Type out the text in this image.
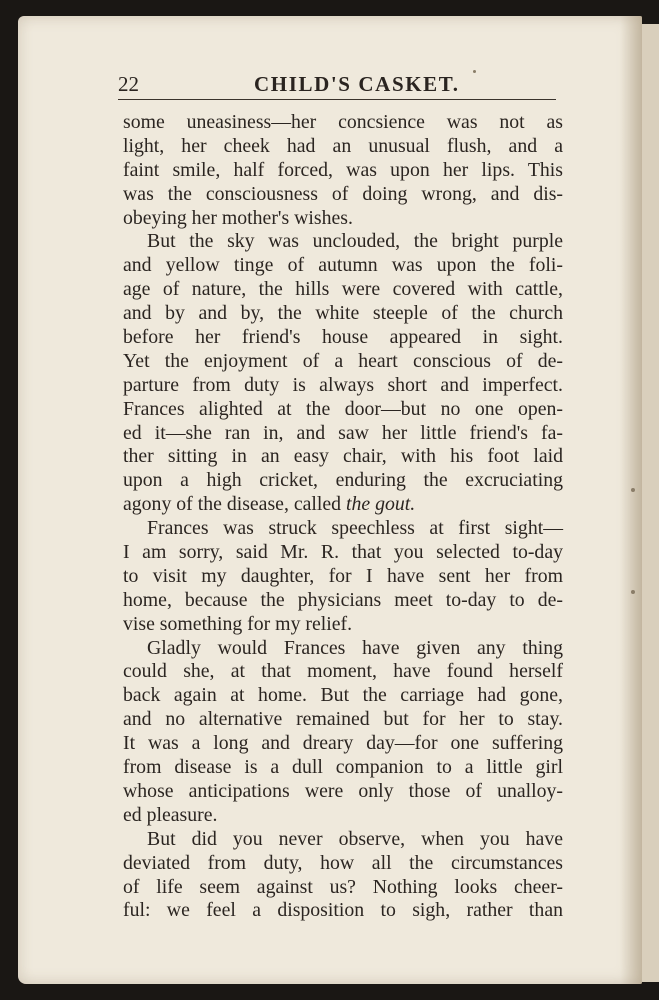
22	CHILD'S CASKET.
some uneasiness—her concsience was not as
light, her cheek had an unusual flush, and a
faint smile, half forced, was upon her lips. This
was the consciousness of doing wrong, and dis-
obeying her mother's wishes.
But the sky was unclouded, the bright purple
and yellow tinge of autumn was upon the foli-
age of nature, the hills were covered with cattle,
and by and by, the white steeple of the church
before her friend's house appeared in sight.
Yet the enjoyment of a heart conscious of de-
parture from duty is always short and imperfect.
Frances alighted at the door—but no one open-
ed it—she ran in, and saw her little friend's fa-
ther sitting in an easy chair, with his foot laid
upon a high cricket, enduring the excruciating
agony of the disease, called the gout.
Frances was struck speechless at first sight—
I am sorry, said Mr. R. that you selected to-day
to visit my daughter, for I have sent her from
home, because the physicians meet to-day to de-
vise something for my relief.
Gladly would Frances have given any thing
could she, at that moment, have found herself
back again at home. But the carriage had gone,
and no alternative remained but for her to stay.
It was a long and dreary day—for one suffering
from disease is a dull companion to a little girl
whose anticipations were only those of unalloy-
ed pleasure.
But did you never observe, when you have
deviated from duty, how all the circumstances
of life seem against us? Nothing looks cheer-
ful: we feel a disposition to sigh, rather than
